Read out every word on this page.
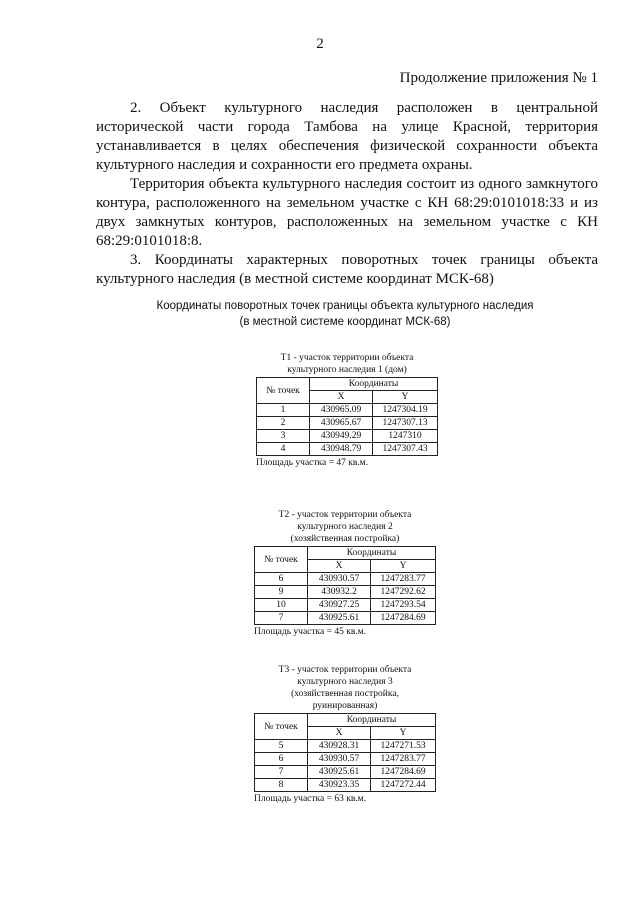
2
Продолжение приложения № 1

2. Объект культурного наследия расположен в центральной исторической части города Тамбова на улице Красной, территория устанавливается в целях обеспечения физической сохранности объекта культурного наследия и сохранности его предмета охраны.

Территория объекта культурного наследия состоит из одного замкнутого контура, расположенного на земельном участке с КН 68:29:0101018:33 и из двух замкнутых контуров, расположенных на земельном участке с КН 68:29:0101018:8.

3. Координаты характерных поворотных точек границы объекта культурного наследия (в местной системе координат МСК-68)

Координаты поворотных точек границы объекта культурного наследия
(в местной системе координат МСК-68)
Т1 - участок территории объекта
культурного наследия 1 (дом)
№ точек	Координаты	
	X	Y
1	430965.09	1247304.19
2	430965.67	1247307.13
3	430949.29	1247310
4	430948.79	1247307.43
Площадь участка = 47 кв.м.
Т2 - участок территории объекта
культурного наследия 2
(хозяйственная постройка)
№ точек	Координаты	
	X	Y
6	430930.57	1247283.77
9	430932.2	1247292.62
10	430927.25	1247293.54
7	430925.61	1247284.69
Площадь участка = 45 кв.м.
Т3 - участок территории объекта
культурного наследия 3
(хозяйственная постройка,
руинированная)
№ точек	Координаты	
	X	Y
5	430928.31	1247271.53
6	430930.57	1247283.77
7	430925.61	1247284.69
8	430923.35	1247272.44
Площадь участка = 63 кв.м.
